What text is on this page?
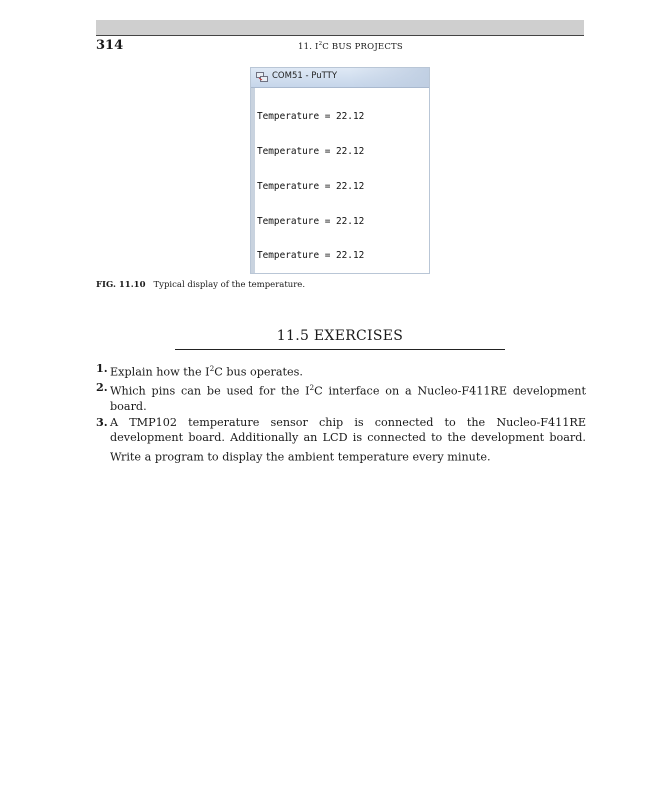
314	11. $I^2C$ BUS PROJECTS
COM51 - PuTTY

Temperature = 22.12

Temperature = 22.12

Temperature = 22.12

Temperature = 22.12

Temperature = 22.12

FIG. 11.10 Typical display of the temperature.
11.5 EXERCISES
1. Explain how the $I^2C$ bus operates.
2. Which pins can be used for the $I^2C$ interface on a Nucleo-F411RE development board.
3. A TMP102 temperature sensor chip is connected to the Nucleo-F411RE development board. Additionally an LCD is connected to the development board. Write a program to display the ambient temperature every minute.
